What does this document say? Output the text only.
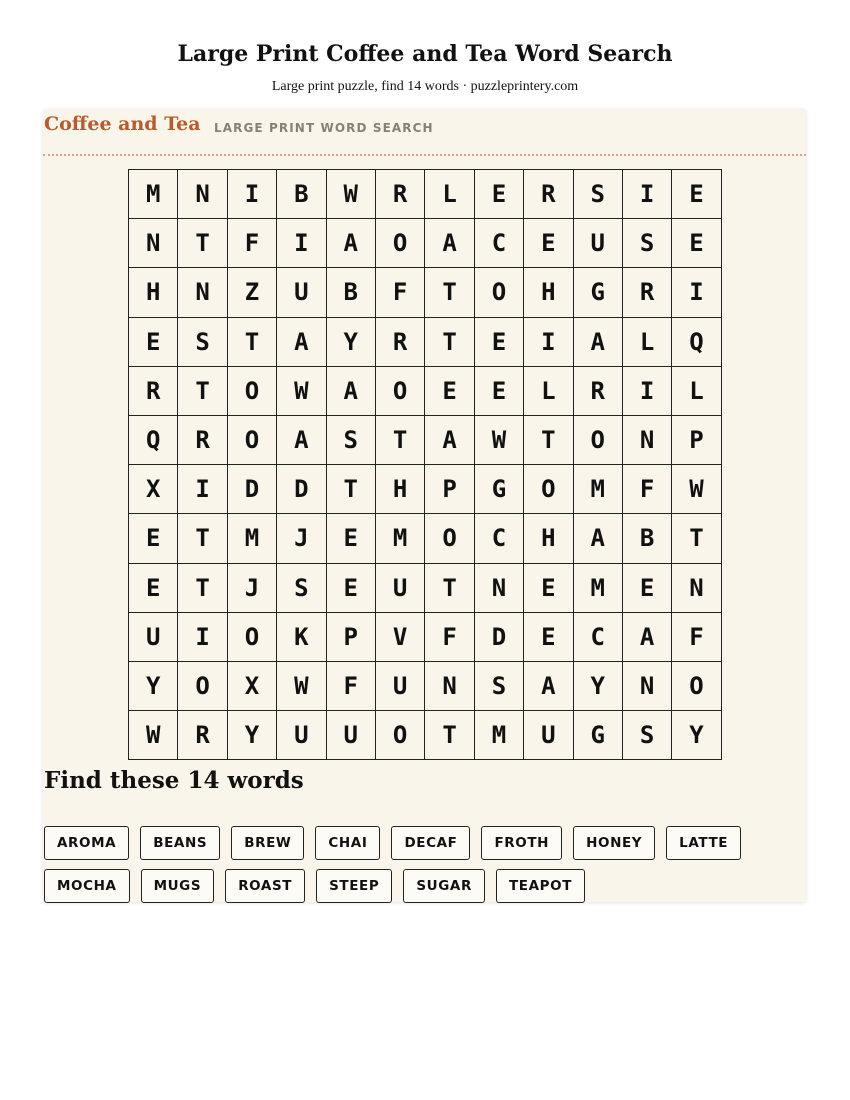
Large Print Coffee and Tea Word Search
Large print puzzle, find 14 words · puzzleprintery.com
Coffee and Tea LARGE PRINT WORD SEARCH
M	N	I	B	W	R	L	E	R	S	I	E
N	T	F	I	A	O	A	C	E	U	S	E
H	N	Z	U	B	F	T	O	H	G	R	I
E	S	T	A	Y	R	T	E	I	A	L	Q
R	T	O	W	A	O	E	E	L	R	I	L
Q	R	O	A	S	T	A	W	T	O	N	P
X	I	D	D	T	H	P	G	O	M	F	W
E	T	M	J	E	M	O	C	H	A	B	T
E	T	J	S	E	U	T	N	E	M	E	N
U	I	O	K	P	V	F	D	E	C	A	F
Y	O	X	W	F	U	N	S	A	Y	N	O
W	R	Y	U	U	O	T	M	U	G	S	Y
Find these 14 words
AROMA	BEANS	BREW	CHAI	DECAF	FROTH	HONEY	LATTE
MOCHA	MUGS	ROAST	STEEP	SUGAR	TEAPOT
